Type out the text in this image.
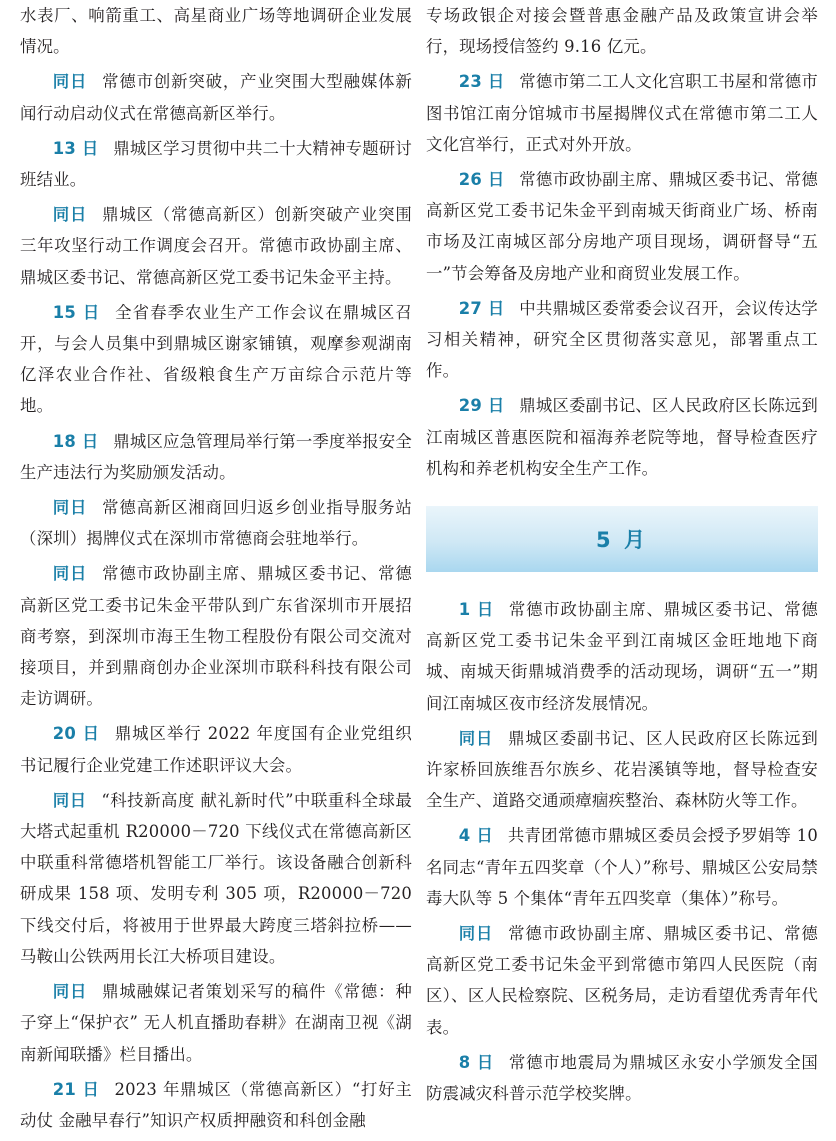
水表厂、响箭重工、高星商业广场等地调研企业发展情况。

同日 常德市创新突破，产业突围大型融媒体新闻行动启动仪式在常德高新区举行。

13 日 鼎城区学习贯彻中共二十大精神专题研讨班结业。

同日 鼎城区（常德高新区）创新突破产业突围三年攻坚行动工作调度会召开。常德市政协副主席、鼎城区委书记、常德高新区党工委书记朱金平主持。

15 日 全省春季农业生产工作会议在鼎城区召开，与会人员集中到鼎城区谢家铺镇，观摩参观湖南亿泽农业合作社、省级粮食生产万亩综合示范片等地。

18 日 鼎城区应急管理局举行第一季度举报安全生产违法行为奖励颁发活动。

同日 常德高新区湘商回归返乡创业指导服务站（深圳）揭牌仪式在深圳市常德商会驻地举行。

同日 常德市政协副主席、鼎城区委书记、常德高新区党工委书记朱金平带队到广东省深圳市开展招商考察，到深圳市海王生物工程股份有限公司交流对接项目，并到鼎商创办企业深圳市联科科技有限公司走访调研。

20 日 鼎城区举行 2022 年度国有企业党组织书记履行企业党建工作述职评议大会。

同日 “科技新高度 献礼新时代”中联重科全球最大塔式起重机 R20000－720 下线仪式在常德高新区中联重科常德塔机智能工厂举行。该设备融合创新科研成果 158 项、发明专利 305 项，R20000－720 下线交付后，将被用于世界最大跨度三塔斜拉桥——马鞍山公铁两用长江大桥项目建设。

同日 鼎城融媒记者策划采写的稿件《常德：种子穿上“保护衣” 无人机直播助春耕》在湖南卫视《湖南新闻联播》栏目播出。

21 日 2023 年鼎城区（常德高新区）“打好主动仗 金融早春行”知识产权质押融资和科创金融

专场政银企对接会暨普惠金融产品及政策宣讲会举行，现场授信签约 9.16 亿元。

23 日 常德市第二工人文化宫职工书屋和常德市图书馆江南分馆城市书屋揭牌仪式在常德市第二工人文化宫举行，正式对外开放。

26 日 常德市政协副主席、鼎城区委书记、常德高新区党工委书记朱金平到南城天街商业广场、桥南市场及江南城区部分房地产项目现场，调研督导“五一”节会筹备及房地产业和商贸业发展工作。

27 日 中共鼎城区委常委会议召开，会议传达学习相关精神，研究全区贯彻落实意见，部署重点工作。

29 日 鼎城区委副书记、区人民政府区长陈远到江南城区普惠医院和福海养老院等地，督导检查医疗机构和养老机构安全生产工作。

5 月

1 日 常德市政协副主席、鼎城区委书记、常德高新区党工委书记朱金平到江南城区金旺地地下商城、南城天街鼎城消费季的活动现场，调研“五一”期间江南城区夜市经济发展情况。

同日 鼎城区委副书记、区人民政府区长陈远到许家桥回族维吾尔族乡、花岩溪镇等地，督导检查安全生产、道路交通顽瘴痼疾整治、森林防火等工作。

4 日 共青团常德市鼎城区委员会授予罗娟等 10 名同志“青年五四奖章（个人）”称号、鼎城区公安局禁毒大队等 5 个集体“青年五四奖章（集体）”称号。

同日 常德市政协副主席、鼎城区委书记、常德高新区党工委书记朱金平到常德市第四人民医院（南区）、区人民检察院、区税务局，走访看望优秀青年代表。

8 日 常德市地震局为鼎城区永安小学颁发全国防震减灾科普示范学校奖牌。
